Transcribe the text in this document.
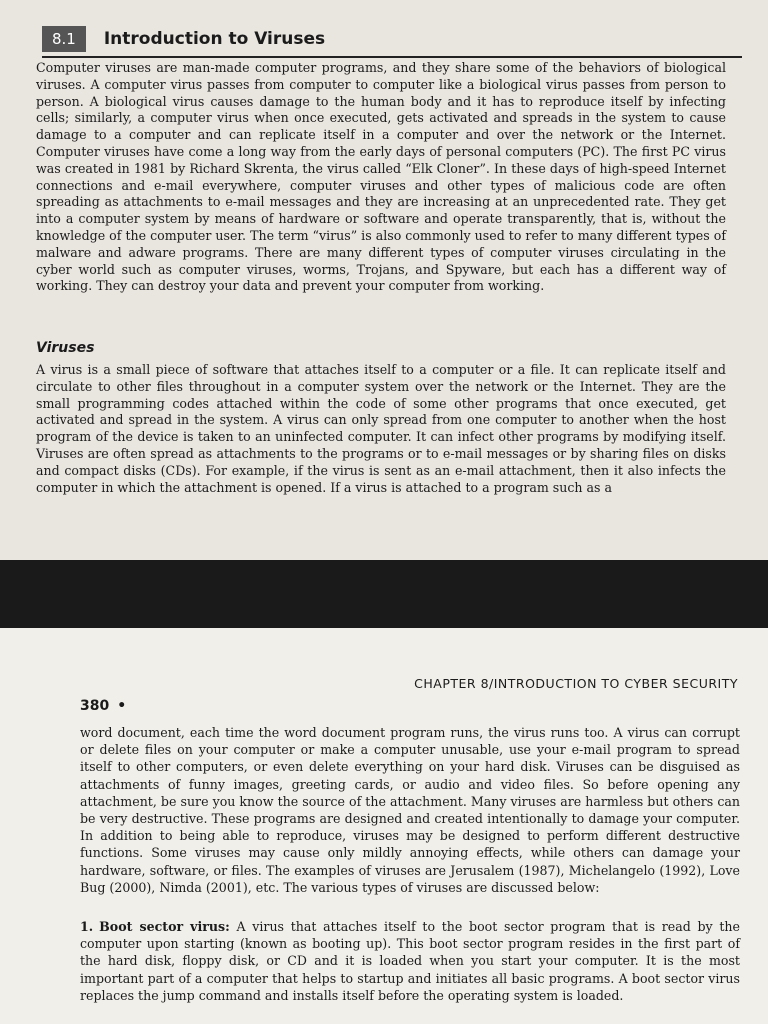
8.1	Introduction to Viruses

Computer viruses are man-made computer programs, and they share some of the behaviors of biological viruses. A computer virus passes from computer to computer like a biological virus passes from person to person. A biological virus causes damage to the human body and it has to reproduce itself by infecting cells; similarly, a computer virus when once executed, gets activated and spreads in the system to cause damage to a computer and can replicate itself in a computer and over the network or the Internet. Computer viruses have come a long way from the early days of personal computers (PC). The first PC virus was created in 1981 by Richard Skrenta, the virus called “Elk Cloner”. In these days of high-speed Internet connections and e-mail everywhere, computer viruses and other types of malicious code are often spreading as attachments to e-mail messages and they are increasing at an unprecedented rate. They get into a computer system by means of hardware or software and operate transparently, that is, without the knowledge of the computer user. The term “virus” is also commonly used to refer to many different types of malware and adware programs. There are many different types of computer viruses circulating in the cyber world such as computer viruses, worms, Trojans, and Spyware, but each has a different way of working. They can destroy your data and prevent your computer from working.

Viruses

A virus is a small piece of software that attaches itself to a computer or a file. It can replicate itself and circulate to other files throughout in a computer system over the network or the Internet. They are the small programming codes attached within the code of some other programs that once executed, get activated and spread in the system. A virus can only spread from one computer to another when the host program of the device is taken to an uninfected computer. It can infect other programs by modifying itself. Viruses are often spread as attachments to the programs or to e-mail messages or by sharing files on disks and compact disks (CDs). For example, if the virus is sent as an e-mail attachment, then it also infects the computer in which the attachment is opened. If a virus is attached to a program such as a

CHAPTER 8/INTRODUCTION TO CYBER SECURITY
380 •

word document, each time the word document program runs, the virus runs too. A virus can corrupt or delete files on your computer or make a computer unusable, use your e-mail program to spread itself to other computers, or even delete everything on your hard disk. Viruses can be disguised as attachments of funny images, greeting cards, or audio and video files. So before opening any attachment, be sure you know the source of the attachment. Many viruses are harmless but others can be very destructive. These programs are designed and created intentionally to damage your computer. In addition to being able to reproduce, viruses may be designed to perform different destructive functions. Some viruses may cause only mildly annoying effects, while others can damage your hardware, software, or files. The examples of viruses are Jerusalem (1987), Michelangelo (1992), Love Bug (2000), Nimda (2001), etc. The various types of viruses are discussed below:

1. Boot sector virus: A virus that attaches itself to the boot sector program that is read by the computer upon starting (known as booting up). This boot sector program resides in the first part of the hard disk, floppy disk, or CD and it is loaded when you start your computer. It is the most important part of a computer that helps to startup and initiates all basic programs. A boot sector virus replaces the jump command and installs itself before the operating system is loaded.
